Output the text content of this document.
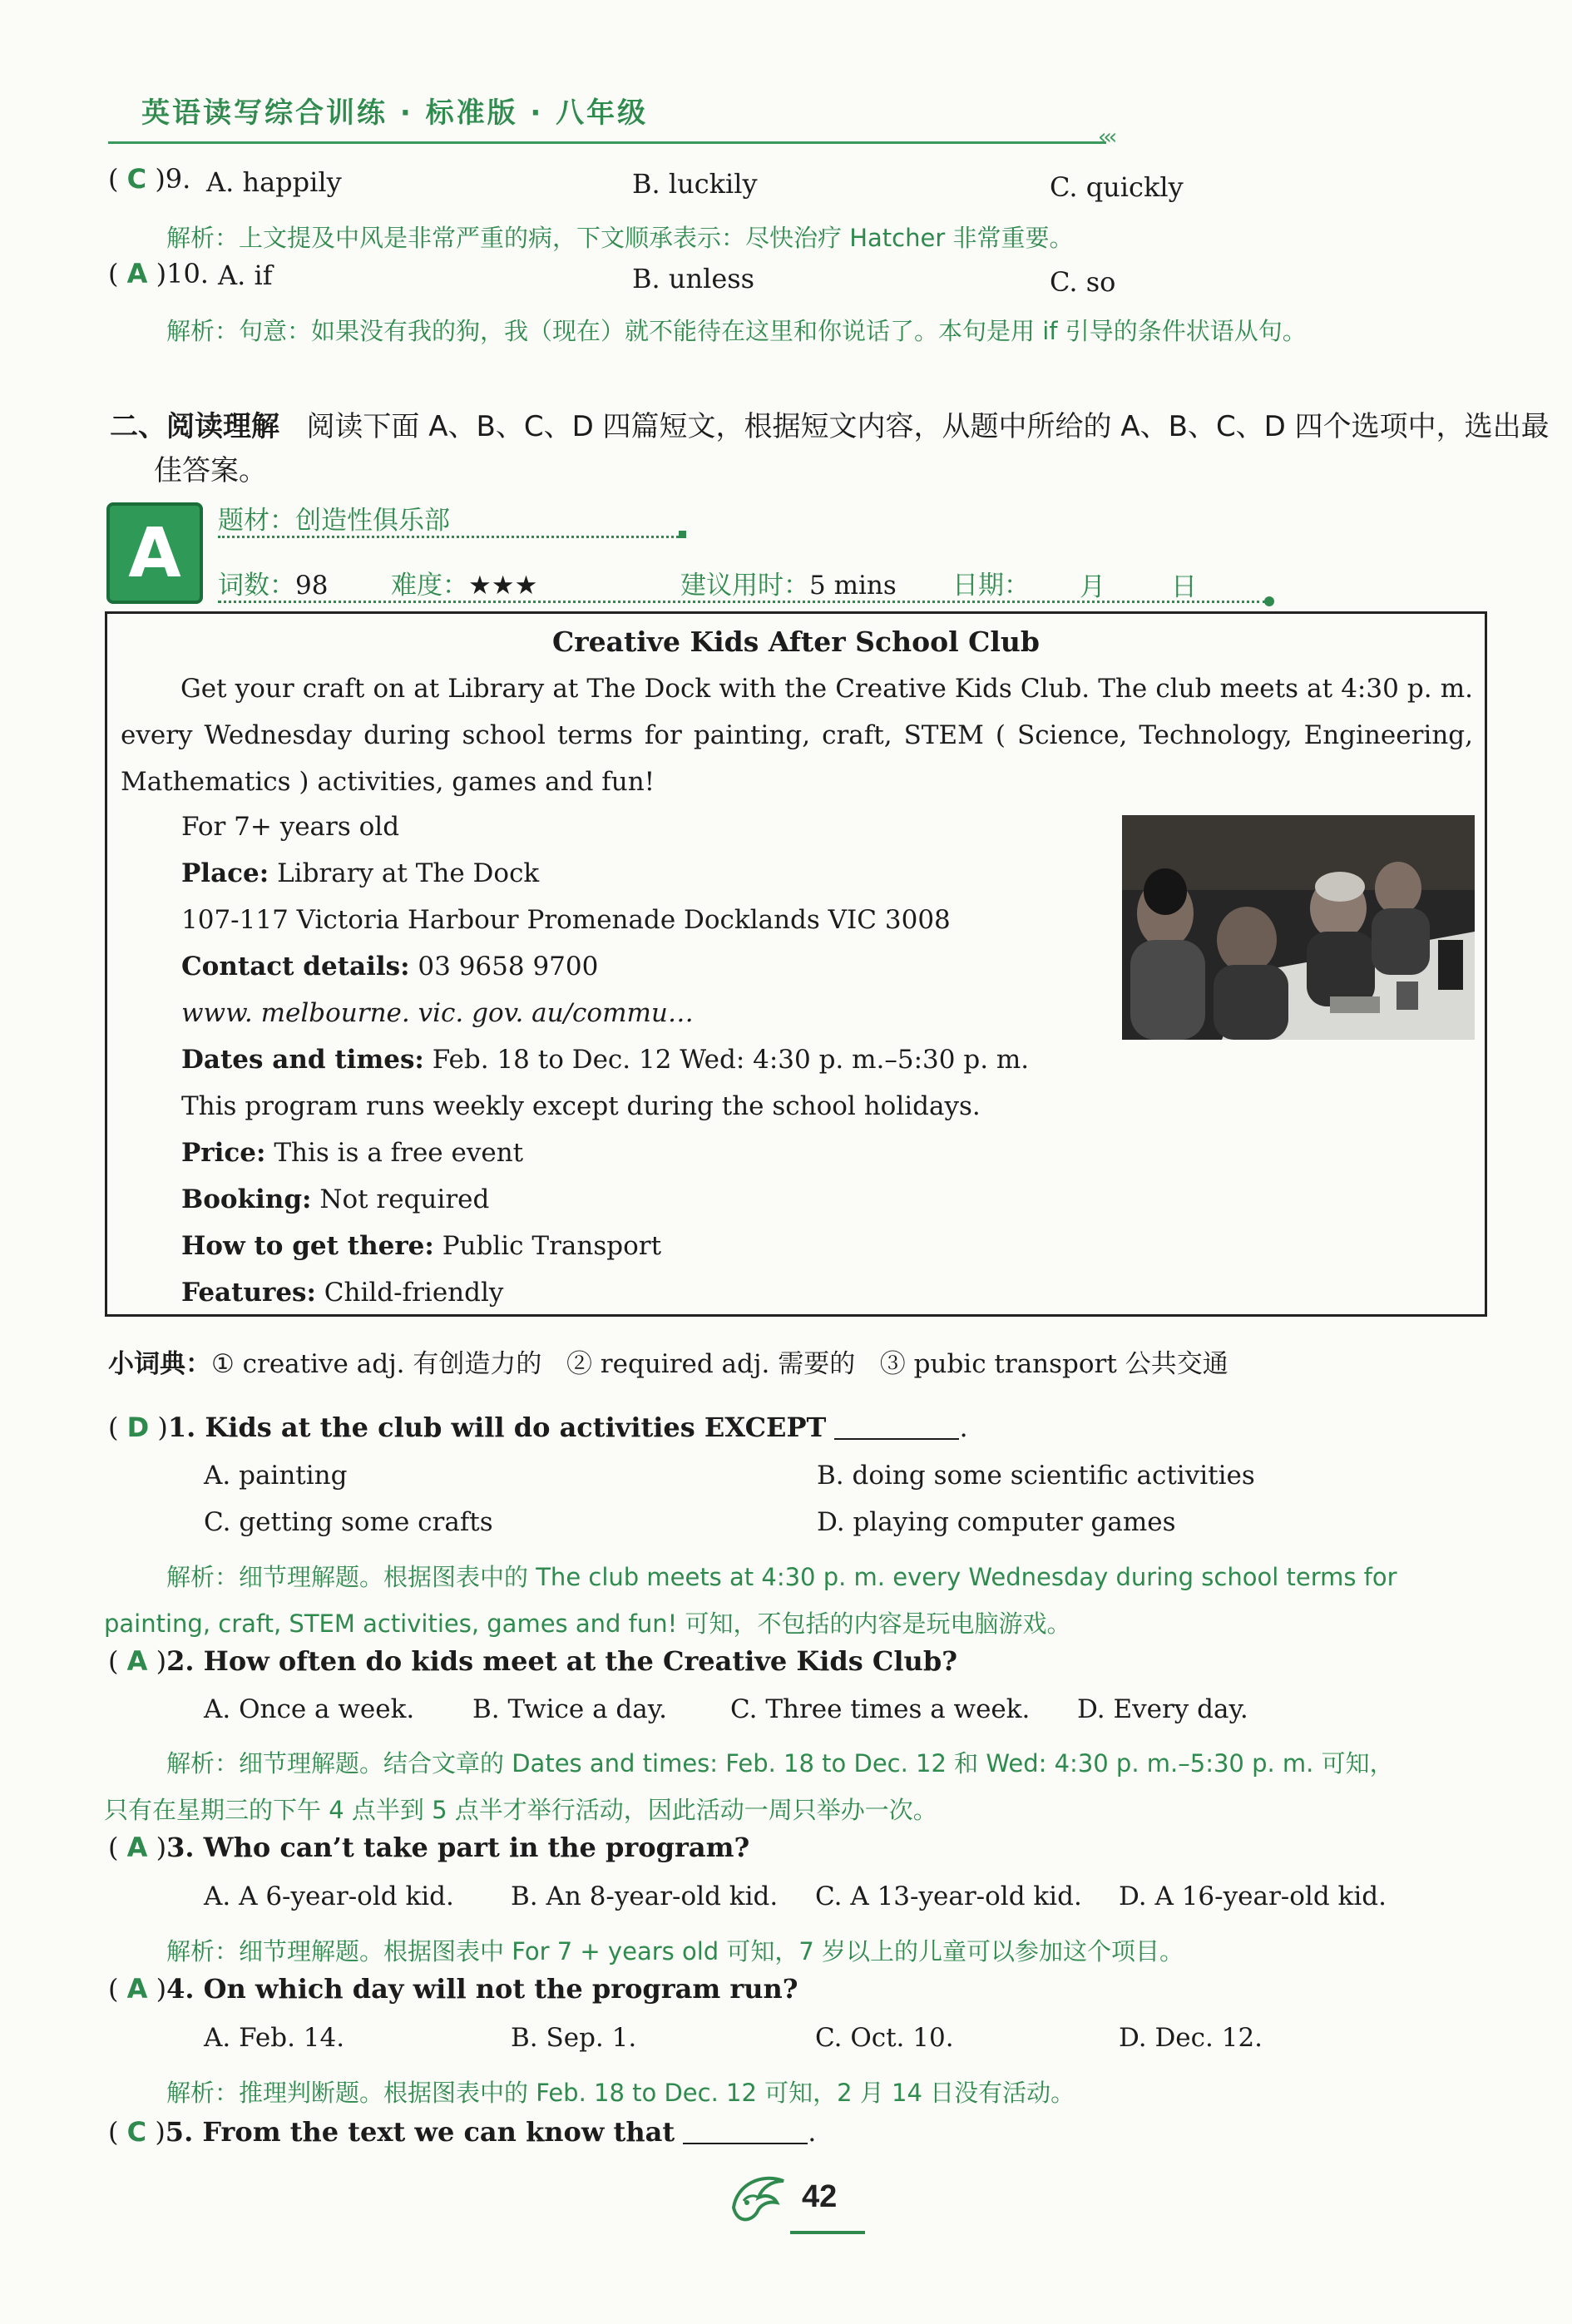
英语读写综合训练 · 标准版 · 八年级
‹‹‹
( C )9. A. happily	B. luckily	C. quickly
解析：上文提及中风是非常严重的病，下文顺承表示：尽快治疗 Hatcher 非常重要。
( A )10. A. if	B. unless	C. so
解析：句意：如果没有我的狗，我（现在）就不能待在这里和你说话了。本句是用 if 引导的条件状语从句。
二、阅读理解 阅读下面 A、B、C、D 四篇短文，根据短文内容，从题中所给的 A、B、C、D 四个选项中，选出最
佳答案。
A	题材：创造性俱乐部
词数：98 难度：★★★	建议用时：5 mins 日期： 月	日
Creative Kids After School Club
Get your craft on at Library at The Dock with the Creative Kids Club. The club meets at 4:30 p. m. every Wednesday during school terms for painting, craft, STEM ( Science, Technology, Engineering, Mathematics ) activities, games and fun!
For 7+ years old
Place: Library at The Dock
107-117 Victoria Harbour Promenade Docklands VIC 3008
Contact details: 03 9658 9700
www. melbourne. vic. gov. au/commu…
Dates and times: Feb. 18 to Dec. 12 Wed: 4:30 p. m.–5:30 p. m.
This program runs weekly except during the school holidays.
Price: This is a free event
Booking: Not required
How to get there: Public Transport
Features: Child-friendly
小词典：① creative adj. 有创造力的 ② required adj. 需要的 ③ pubic transport 公共交通
( D )1. Kids at the club will do activities EXCEPT	.
A. painting	B. doing some scientific activities
C. getting some crafts	D. playing computer games
解析：细节理解题。根据图表中的 The club meets at 4:30 p. m. every Wednesday during school terms for
painting, craft, STEM activities, games and fun! 可知，不包括的内容是玩电脑游戏。
( A )2. How often do kids meet at the Creative Kids Club?
A. Once a week. B. Twice a day. C. Three times a week. D. Every day.
解析：细节理解题。结合文章的 Dates and times: Feb. 18 to Dec. 12 和 Wed: 4:30 p. m.–5:30 p. m. 可知，
只有在星期三的下午 4 点半到 5 点半才举行活动，因此活动一周只举办一次。
( A )3. Who can’t take part in the program?
A. A 6-year-old kid. B. An 8-year-old kid. C. A 13-year-old kid. D. A 16-year-old kid.
解析：细节理解题。根据图表中 For 7 + years old 可知，7 岁以上的儿童可以参加这个项目。
( A )4. On which day will not the program run?
A. Feb. 14.	B. Sep. 1.	C. Oct. 10.	D. Dec. 12.
解析：推理判断题。根据图表中的 Feb. 18 to Dec. 12 可知，2 月 14 日没有活动。
( C )5. From the text we can know that	.
42
